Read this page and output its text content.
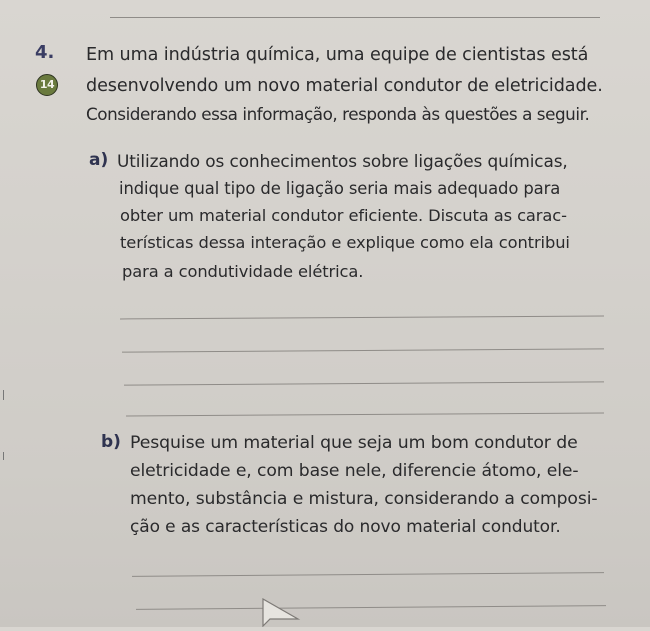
4.
14
Em uma indústria química, uma equipe de cientistas está
desenvolvendo um novo material condutor de eletricidade.
Considerando essa informação, responda às questões a seguir.
a) Utilizando os conhecimentos sobre ligações químicas,
indique qual tipo de ligação seria mais adequado para
obter um material condutor eficiente. Discuta as carac-
terísticas dessa interação e explique como ela contribui
para a condutividade elétrica.
b) Pesquise um material que seja um bom condutor de
eletricidade e, com base nele, diferencie átomo, ele-
mento, substância e mistura, considerando a composi-
ção e as características do novo material condutor.
